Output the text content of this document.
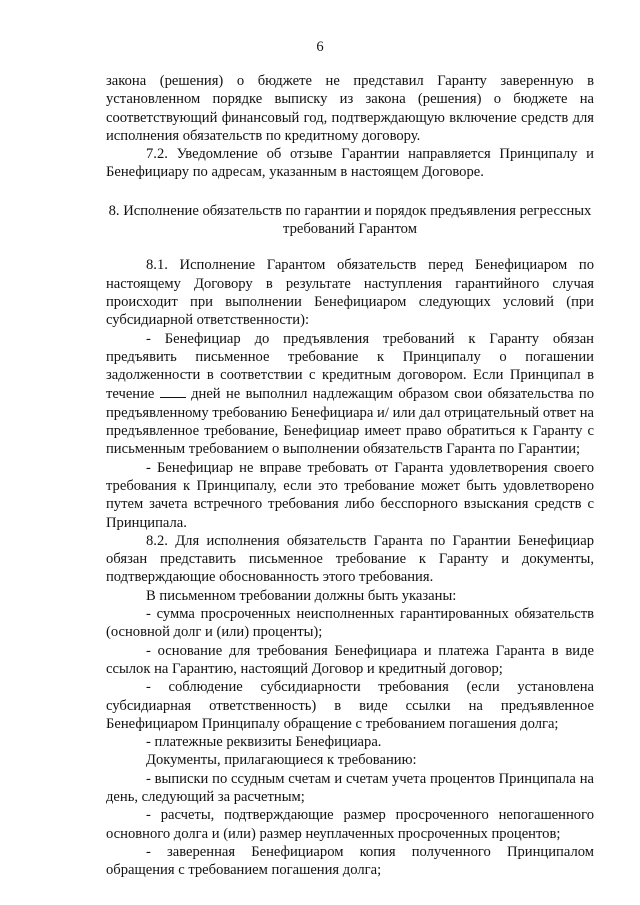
6

закона (решения) о бюджете не представил Гаранту заверенную в установленном порядке выписку из закона (решения) о бюджете на соответствующий финансовый год, подтверждающую включение средств для исполнения обязательств по кредитному договору.

7.2. Уведомление об отзыве Гарантии направляется Принципалу и Бенефициару по адресам, указанным в настоящем Договоре.

8. Исполнение обязательств по гарантии и порядок предъявления регрессных требований Гарантом

8.1. Исполнение Гарантом обязательств перед Бенефициаром по настоящему Договору в результате наступления гарантийного случая происходит при выполнении Бенефициаром следующих условий (при субсидиарной ответственности):

- Бенефициар до предъявления требований к Гаранту обязан предъявить письменное требование к Принципалу о погашении задолженности в соответствии с кредитным договором. Если Принципал в течение	дней не выполнил надлежащим образом свои обязательства по предъявленному требованию Бенефициара и/ или дал отрицательный ответ на предъявленное требование, Бенефициар имеет право обратиться к Гаранту с письменным требованием о выполнении обязательств Гаранта по Гарантии;

- Бенефициар не вправе требовать от Гаранта удовлетворения своего требования к Принципалу, если это требование может быть удовлетворено путем зачета встречного требования либо бесспорного взыскания средств с Принципала.

8.2. Для исполнения обязательств Гаранта по Гарантии Бенефициар обязан представить письменное требование к Гаранту и документы, подтверждающие обоснованность этого требования.

В письменном требовании должны быть указаны:

- сумма просроченных неисполненных гарантированных обязательств (основной долг и (или) проценты);

- основание для требования Бенефициара и платежа Гаранта в виде ссылок на Гарантию, настоящий Договор и кредитный договор;

- соблюдение субсидиарности требования (если установлена субсидиарная ответственность) в виде ссылки на предъявленное Бенефициаром Принципалу обращение с требованием погашения долга;

- платежные реквизиты Бенефициара.

Документы, прилагающиеся к требованию:

- выписки по ссудным счетам и счетам учета процентов Принципала на день, следующий за расчетным;

- расчеты, подтверждающие размер просроченного непогашенного основного долга и (или) размер неуплаченных просроченных процентов;

- заверенная Бенефициаром копия полученного Принципалом обращения с требованием погашения долга;
